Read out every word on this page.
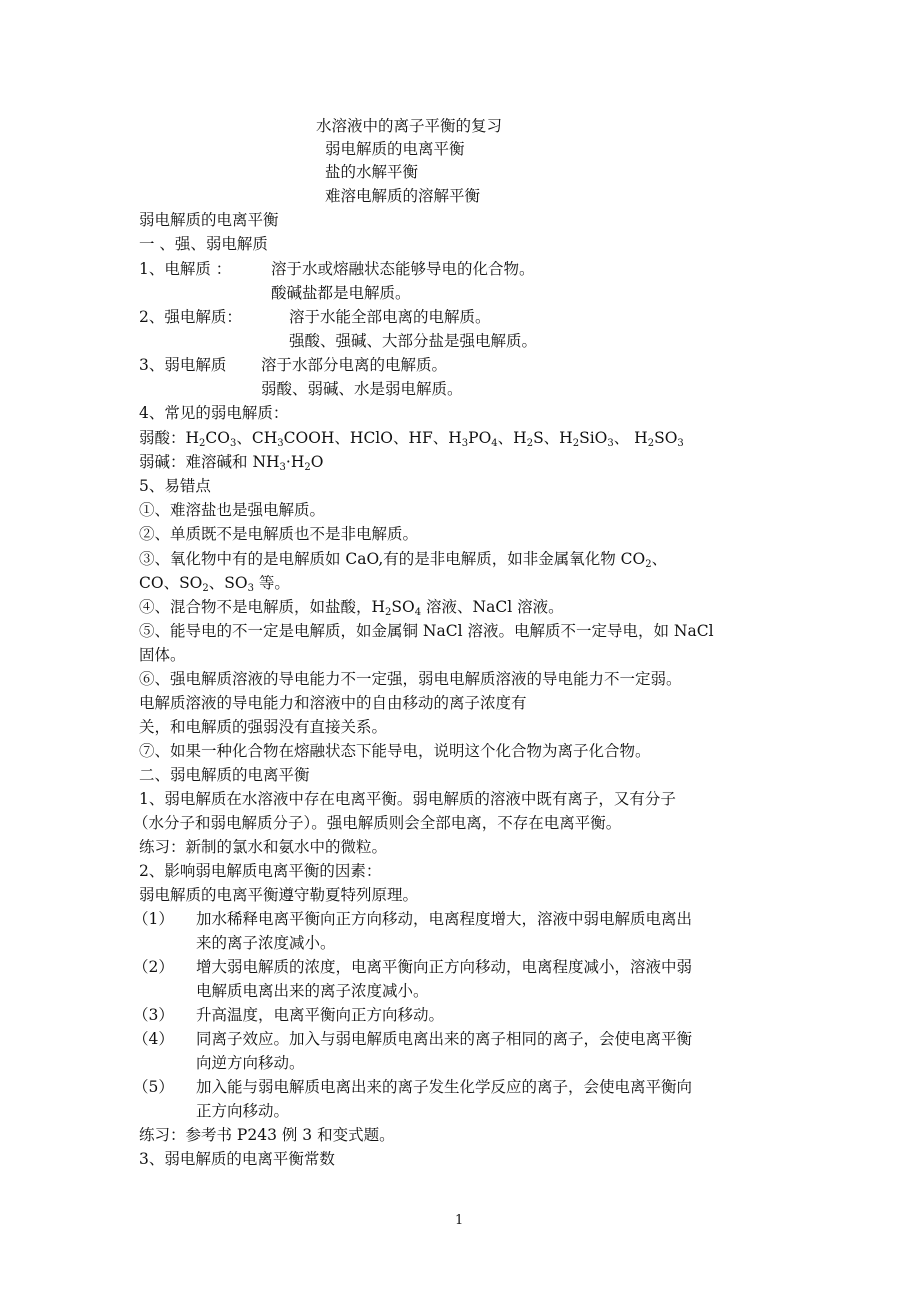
水溶液中的离子平衡的复习
弱电解质的电离平衡
盐的水解平衡
难溶电解质的溶解平衡
弱电解质的电离平衡
一 、强、弱电解质
1、电解质 ：	溶于水或熔融状态能够导电的化合物。
酸碱盐都是电解质。
2、强电解质：	溶于水能全部电离的电解质。
强酸、强碱、大部分盐是强电解质。
3、弱电解质 溶于水部分电离的电解质。
弱酸、弱碱、水是弱电解质。
4、常见的弱电解质：
弱酸：$H_2CO_3$、$CH_3COOH$、HClO、HF、$H_3PO_4$、$H_2S$、$H_2SiO_3$、 $H_2SO_3$
弱碱：难溶碱和 $NH_3\cdot H_2O$
5、易错点
①、难溶盐也是强电解质。
②、单质既不是电解质也不是非电解质。
③、氧化物中有的是电解质如 CaO,有的是非电解质，如非金属氧化物 $CO_2$、
CO、$SO_2$、$SO_3$ 等。
④、混合物不是电解质，如盐酸，$H_2SO_4$ 溶液、NaCl 溶液。
⑤、能导电的不一定是电解质，如金属铜 NaCl 溶液。电解质不一定导电，如 NaCl
固体。
⑥、强电解质溶液的导电能力不一定强，弱电电解质溶液的导电能力不一定弱。
电解质溶液的导电能力和溶液中的自由移动的离子浓度有
关，和电解质的强弱没有直接关系。
⑦、如果一种化合物在熔融状态下能导电，说明这个化合物为离子化合物。
二、弱电解质的电离平衡
1、弱电解质在水溶液中存在电离平衡。弱电解质的溶液中既有离子，又有分子
（水分子和弱电解质分子）。强电解质则会全部电离，不存在电离平衡。
练习：新制的氯水和氨水中的微粒。
2、影响弱电解质电离平衡的因素：
弱电解质的电离平衡遵守勒夏特列原理。
（1） 加水稀释电离平衡向正方向移动，电离程度增大，溶液中弱电解质电离出
来的离子浓度减小。
（2） 增大弱电解质的浓度，电离平衡向正方向移动，电离程度减小，溶液中弱
电解质电离出来的离子浓度减小。
（3） 升高温度，电离平衡向正方向移动。
（4） 同离子效应。加入与弱电解质电离出来的离子相同的离子，会使电离平衡
向逆方向移动。
（5） 加入能与弱电解质电离出来的离子发生化学反应的离子，会使电离平衡向
正方向移动。
练习：参考书 P243 例 3 和变式题。
3、弱电解质的电离平衡常数
1
